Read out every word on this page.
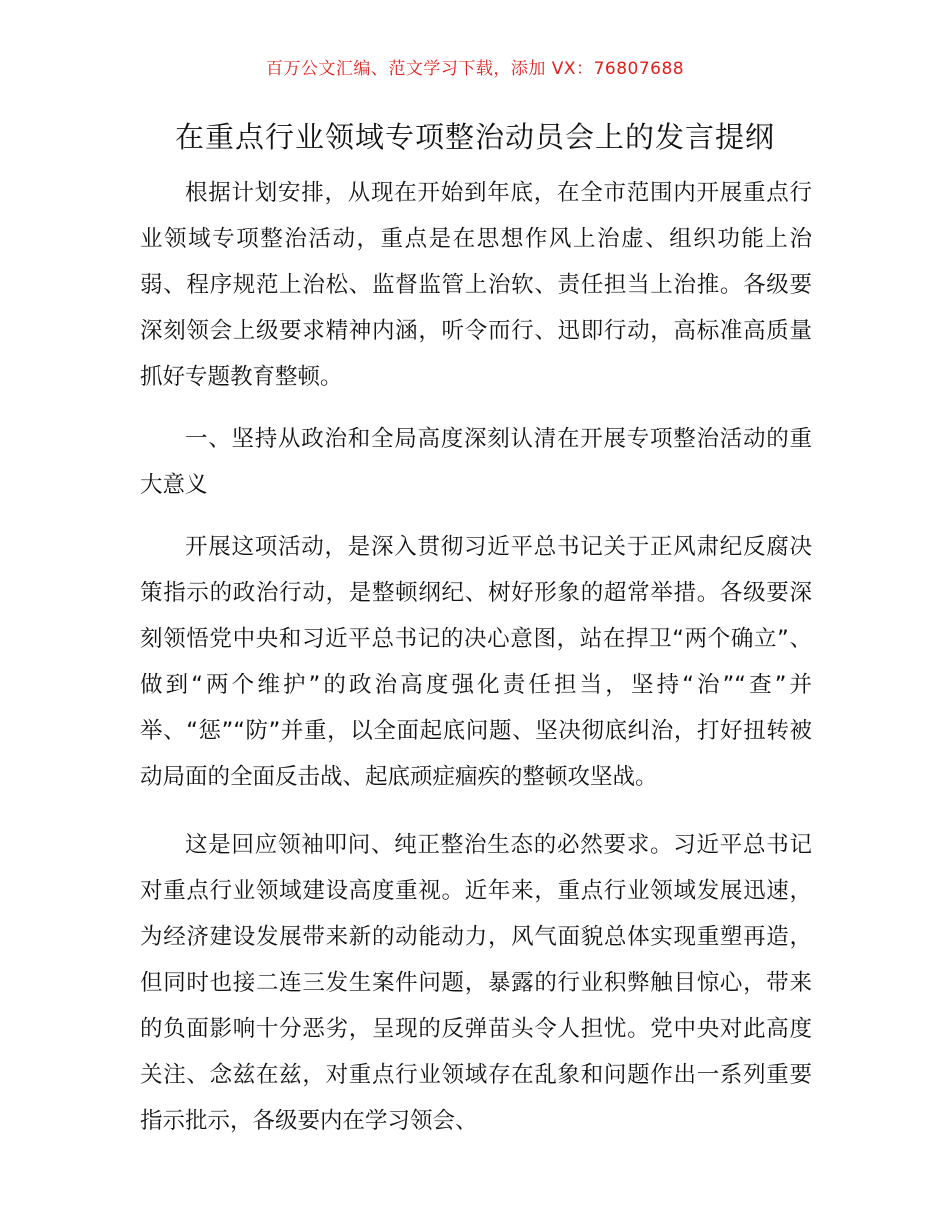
百万公文汇编、范文学习下载，添加 VX：76807688
在重点行业领域专项整治动员会上的发言提纲

根据计划安排，从现在开始到年底，在全市范围内开展重点行业领域专项整治活动，重点是在思想作风上治虚、组织功能上治弱、程序规范上治松、监督监管上治软、责任担当上治推。各级要深刻领会上级要求精神内涵，听令而行、迅即行动，高标准高质量抓好专题教育整顿。

一、坚持从政治和全局高度深刻认清在开展专项整治活动的重大意义

开展这项活动，是深入贯彻习近平总书记关于正风肃纪反腐决策指示的政治行动，是整顿纲纪、树好形象的超常举措。各级要深刻领悟党中央和习近平总书记的决心意图，站在捍卫“两个确立”、做到“两个维护”的政治高度强化责任担当，坚持“治”“查”并举、“惩”“防”并重，以全面起底问题、坚决彻底纠治，打好扭转被动局面的全面反击战、起底顽症痼疾的整顿攻坚战。

这是回应领袖叩问、纯正整治生态的必然要求。习近平总书记对重点行业领域建设高度重视。近年来，重点行业领域发展迅速，为经济建设发展带来新的动能动力，风气面貌总体实现重塑再造，但同时也接二连三发生案件问题，暴露的行业积弊触目惊心，带来的负面影响十分恶劣，呈现的反弹苗头令人担忧。党中央对此高度关注、念兹在兹，对重点行业领域存在乱象和问题作出一系列重要指示批示，各级要内在学习领会、
